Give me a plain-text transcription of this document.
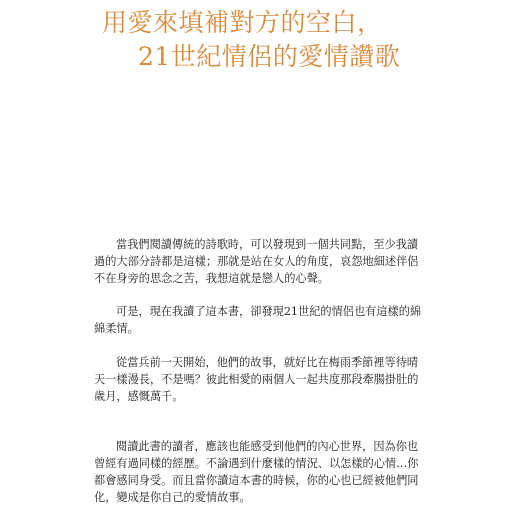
用愛來填補對方的空白，
21世紀情侶的愛情讚歌
當我們閱讀傳統的詩歌時，可以發現到一個共同點，至少我讀
過的大部分詩都是這樣；那就是站在女人的角度，哀怨地細述伴侶
不在身旁的思念之苦，我想這就是戀人的心聲。
可是，現在我讀了這本書，卻發現21世紀的情侶也有這樣的綿
綿柔情。
從當兵前一天開始，他們的故事，就好比在梅雨季節裡等待晴
天一樣漫長，不是嗎？彼此相愛的兩個人一起共度那段牽腸掛肚的
歲月，感慨萬千。
閱讀此書的讀者，應該也能感受到他們的內心世界，因為你也
曾經有過同樣的經歷。不論遇到什麼樣的情況、以怎樣的心情…你
都會感同身受。而且當你讀這本書的時候，你的心也已經被他們同
化，變成是你自己的愛情故事。
